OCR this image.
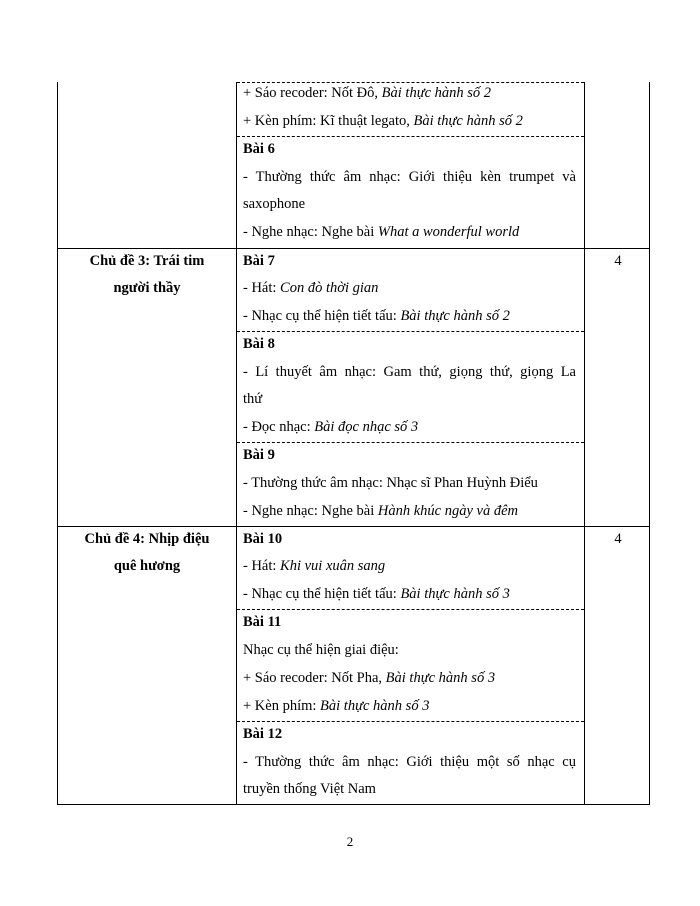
+ Sáo recoder: Nốt Đô, Bài thực hành số 2
+ Kèn phím: Kĩ thuật legato, Bài thực hành số 2
Bài 6
- Thường thức âm nhạc: Giới thiệu kèn trumpet và
saxophone
- Nghe nhạc: Nghe bài What a wonderful world
Chủ đề 3: Trái tim
người thầy
4
Bài 7
- Hát: Con đò thời gian
- Nhạc cụ thể hiện tiết tấu: Bài thực hành số 2
Bài 8
- Lí thuyết âm nhạc: Gam thứ, giọng thứ, giọng La
thứ
- Đọc nhạc: Bài đọc nhạc số 3
Bài 9
- Thường thức âm nhạc: Nhạc sĩ Phan Huỳnh Điểu
- Nghe nhạc: Nghe bài Hành khúc ngày và đêm
Chủ đề 4: Nhịp điệu
quê hương
4
Bài 10
- Hát: Khi vui xuân sang
- Nhạc cụ thể hiện tiết tấu: Bài thực hành số 3
Bài 11
Nhạc cụ thể hiện giai điệu:
+ Sáo recoder: Nốt Pha, Bài thực hành số 3
+ Kèn phím: Bài thực hành số 3
Bài 12
- Thường thức âm nhạc: Giới thiệu một số nhạc cụ
truyền thống Việt Nam
2
